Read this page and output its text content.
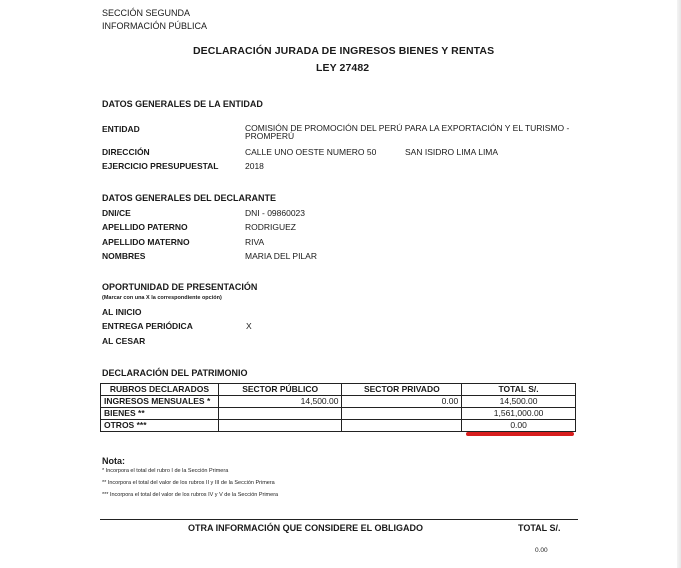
SECCIÓN SEGUNDA
INFORMACIÓN PÚBLICA
DECLARACIÓN JURADA DE INGRESOS BIENES Y RENTAS
LEY 27482
DATOS GENERALES DE LA ENTIDAD
ENTIDAD	COMISIÓN DE PROMOCIÓN DEL PERÚ PARA LA EXPORTACIÓN Y EL TURISMO -
PROMPERÚ
DIRECCIÓN	CALLE UNO OESTE NUMERO 50	SAN ISIDRO LIMA LIMA
EJERCICIO PRESUPUESTAL	2018
DATOS GENERALES DEL DECLARANTE
DNI/CE	DNI - 09860023
APELLIDO PATERNO	RODRIGUEZ
APELLIDO MATERNO	RIVA
NOMBRES	MARIA DEL PILAR
OPORTUNIDAD DE PRESENTACIÓN
(Marcar con una X la correspondiente opción)
AL INICIO
ENTREGA PERIÓDICA	X
AL CESAR
DECLARACIÓN DEL PATRIMONIO
RUBROS DECLARADOS	SECTOR PÚBLICO	SECTOR PRIVADO	TOTAL S/.
INGRESOS MENSUALES *	14,500.00	0.00	14,500.00
BIENES **			1,561,000.00
OTROS ***			0.00
Nota:
* Incorpora el total del rubro I de la Sección Primera
** Incorpora el total del valor de los rubros II y III de la Sección Primera
*** Incorpora el total del valor de los rubros IV y V de la Sección Primera
OTRA INFORMACIÓN QUE CONSIDERE EL OBLIGADO	TOTAL S/.
0.00
